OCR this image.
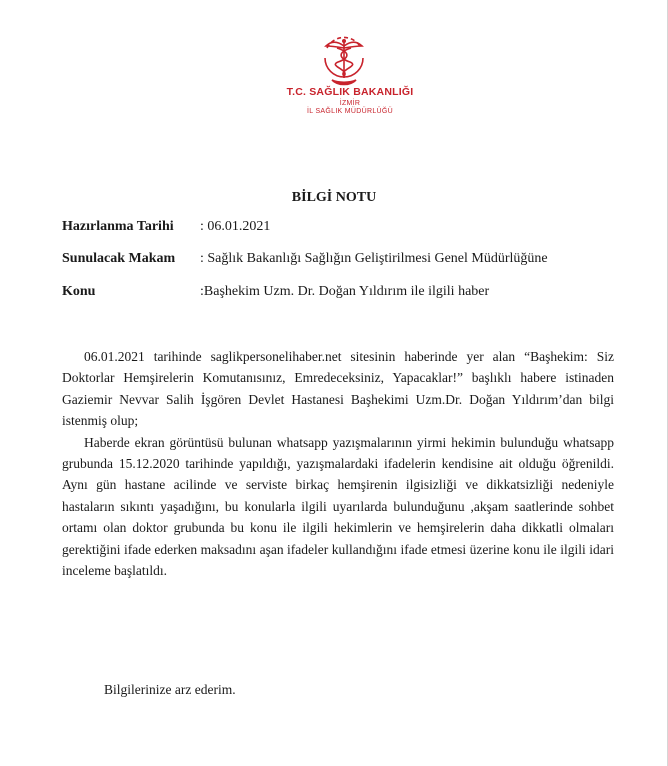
T.C. SAĞLIK BAKANLIĞI
İZMİR
İL SAĞLIK MÜDÜRLÜĞÜ
BİLGİ NOTU
Hazırlanma Tarihi : 06.01.2021
Sunulacak Makam : Sağlık Bakanlığı Sağlığın Geliştirilmesi Genel Müdürlüğüne
Konu	:Başhekim Uzm. Dr. Doğan Yıldırım ile ilgili haber

06.01.2021 tarihinde saglikpersonelihaber.net sitesinin haberinde yer alan “Başhekim: Siz Doktorlar Hemşirelerin Komutanısınız, Emredeceksiniz, Yapacaklar!” başlıklı habere istinaden Gaziemir Nevvar Salih İşgören Devlet Hastanesi Başhekimi Uzm.Dr. Doğan Yıldırım’dan bilgi istenmiş olup;

Haberde ekran görüntüsü bulunan whatsapp yazışmalarının yirmi hekimin bulunduğu whatsapp grubunda 15.12.2020 tarihinde yapıldığı, yazışmalardaki ifadelerin kendisine ait olduğu öğrenildi. Aynı gün hastane acilinde ve serviste birkaç hemşirenin ilgisizliği ve dikkatsizliği nedeniyle hastaların sıkıntı yaşadığını, bu konularla ilgili uyarılarda bulunduğunu ,akşam saatlerinde sohbet ortamı olan doktor grubunda bu konu ile ilgili hekimlerin ve hemşirelerin daha dikkatli olmaları gerektiğini ifade ederken maksadını aşan ifadeler kullandığını ifade etmesi üzerine konu ile ilgili idari inceleme başlatıldı.

Bilgilerinize arz ederim.
